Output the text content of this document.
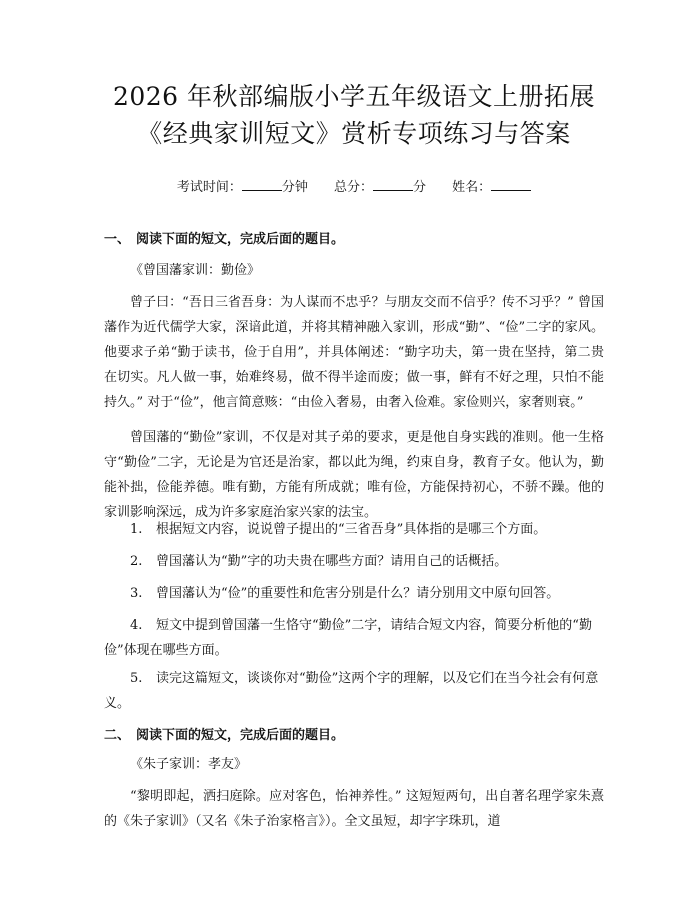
2026 年秋部编版小学五年级语文上册拓展
《经典家训短文》赏析专项练习与答案
考试时间：	分钟 总分：	分 姓名：
一、 阅读下面的短文，完成后面的题目。

《曾国藩家训：勤俭》

曾子曰：“吾日三省吾身：为人谋而不忠乎？与朋友交而不信乎？传不习乎？” 曾国藩作为近代儒学大家，深谙此道，并将其精神融入家训，形成“勤”、“俭”二字的家风。他要求子弟“勤于读书，俭于自用”，并具体阐述：“勤字功夫，第一贵在坚持，第二贵在切实。凡人做一事，始难终易，做不得半途而废；做一事，鲜有不好之理，只怕不能持久。” 对于“俭”，他言简意赅：“由俭入奢易，由奢入俭难。家俭则兴，家奢则衰。”

曾国藩的“勤俭”家训，不仅是对其子弟的要求，更是他自身实践的准则。他一生格守“勤俭”二字，无论是为官还是治家，都以此为绳，约束自身，教育子女。他认为，勤能补拙，俭能养德。唯有勤，方能有所成就；唯有俭，方能保持初心，不骄不躁。他的家训影响深远，成为许多家庭治家兴家的法宝。

1. 根据短文内容，说说曾子提出的“三省吾身”具体指的是哪三个方面。

2. 曾国藩认为“勤”字的功夫贵在哪些方面？请用自己的话概括。

3. 曾国藩认为“俭”的重要性和危害分别是什么？请分别用文中原句回答。

4. 短文中提到曾国藩一生恪守“勤俭”二字，请结合短文内容，简要分析他的“勤俭”体现在哪些方面。

5. 读完这篇短文，谈谈你对“勤俭”这两个字的理解，以及它们在当今社会有何意义。

二、 阅读下面的短文，完成后面的题目。

《朱子家训：孝友》

“黎明即起，洒扫庭除。应对客色，怡神养性。” 这短短两句，出自著名理学家朱熹的《朱子家训》（又名《朱子治家格言》）。全文虽短，却字字珠玑，道
